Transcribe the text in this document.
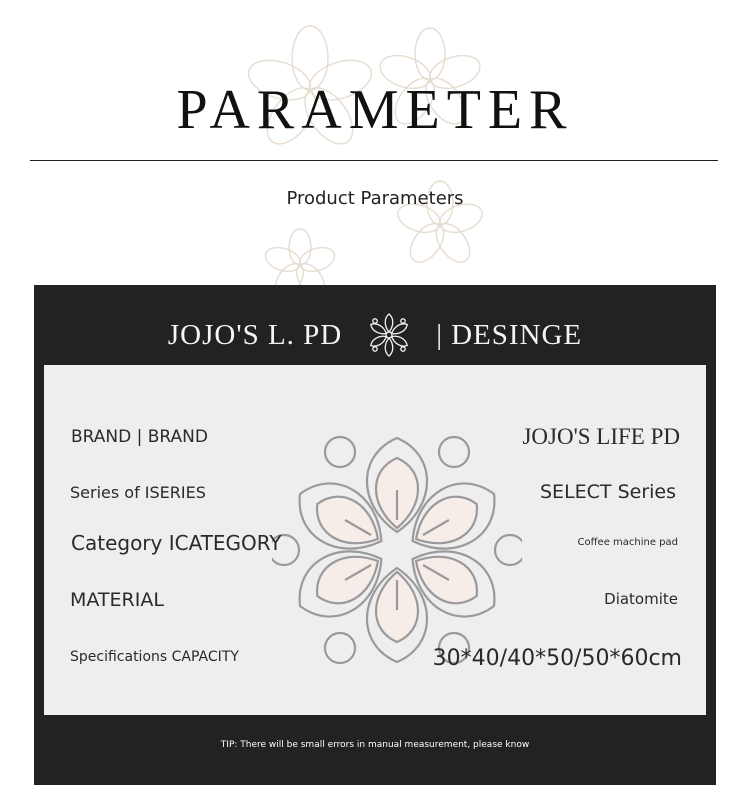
PARAMETER
Product Parameters
JOJO'S L. PD	| DESINGE
BRAND | BRAND	JOJO'S LIFE PD
Series of ISERIES	SELECT Series
Category ICATEGORY	Coffee machine pad
MATERIAL	Diatomite
Specifications CAPACITY	30*40/40*50/50*60cm
TIP: There will be small errors in manual measurement, please know
